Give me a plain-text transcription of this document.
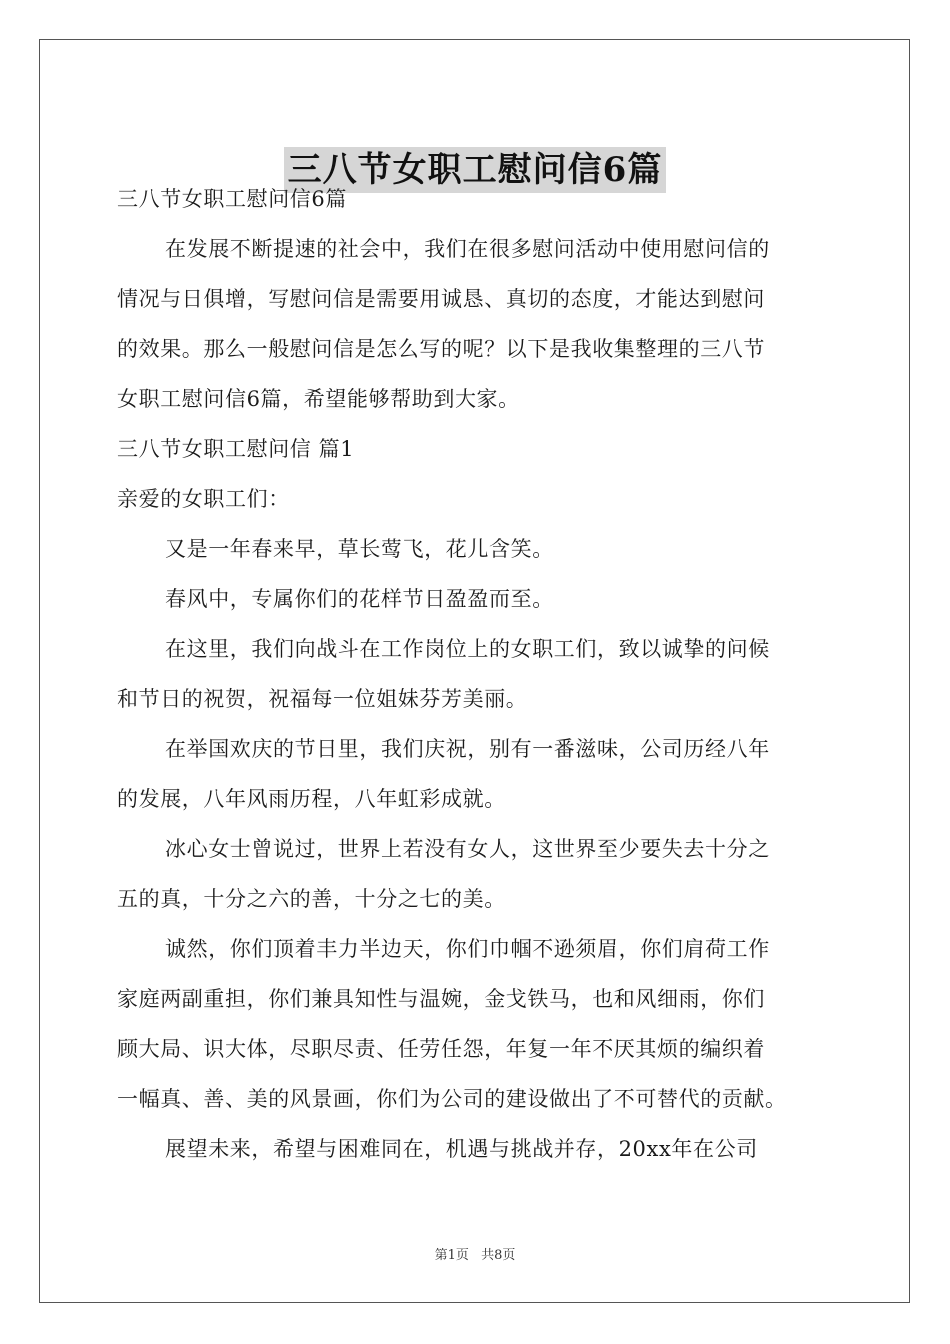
三八节女职工慰问信6篇

三八节女职工慰问信6篇

在发展不断提速的社会中，我们在很多慰问活动中使用慰问信的

情况与日俱增，写慰问信是需要用诚恳、真切的态度，才能达到慰问

的效果。那么一般慰问信是怎么写的呢？以下是我收集整理的三八节

女职工慰问信6篇，希望能够帮助到大家。

三八节女职工慰问信 篇1

亲爱的女职工们：

又是一年春来早，草长莺飞，花儿含笑。

春风中，专属你们的花样节日盈盈而至。

在这里，我们向战斗在工作岗位上的女职工们，致以诚挚的问候

和节日的祝贺，祝福每一位姐妹芬芳美丽。

在举国欢庆的节日里，我们庆祝，别有一番滋味，公司历经八年

的发展，八年风雨历程，八年虹彩成就。

冰心女士曾说过，世界上若没有女人，这世界至少要失去十分之

五的真，十分之六的善，十分之七的美。

诚然，你们顶着丰力半边天，你们巾帼不逊须眉，你们肩荷工作

家庭两副重担，你们兼具知性与温婉，金戈铁马，也和风细雨，你们

顾大局、识大体，尽职尽责、任劳任怨，年复一年不厌其烦的编织着

一幅真、善、美的风景画，你们为公司的建设做出了不可替代的贡献。

展望未来，希望与困难同在，机遇与挑战并存，20xx年在公司

第1页 共8页
